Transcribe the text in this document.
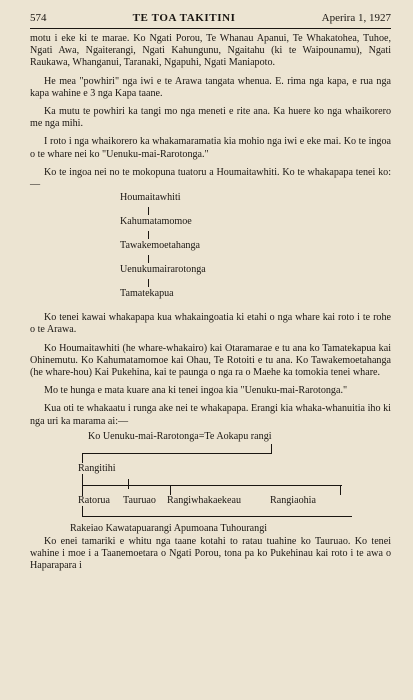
574	TE TOA TAKITINI	Aperira 1, 1927

motu i eke ki te marae. Ko Ngati Porou, Te Whanau Apanui, Te Whakatohea, Tuhoe, Ngati Awa, Ngaiterangi, Ngati Kahungunu, Ngaitahu (ki te Waipounamu), Ngati Raukawa, Whanganui, Taranaki, Ngapuhi, Ngati Maniapoto.

He mea "powhiri" nga iwi e te Arawa tangata whenua. E. rima nga kapa, e rua nga kapa wahine e 3 nga Kapa taane.

Ka mutu te powhiri ka tangi mo nga meneti e rite ana. Ka huere ko nga whaikorero me nga mihi.

I roto i nga whaikorero ka whakamaramatia kia mohio nga iwi e eke mai. Ko te ingoa o te whare nei ko "Uenuku-mai-Rarotonga."

Ko te ingoa nei no te mokopuna tuatoru a Houmaitawhiti. Ko te whakapapa tenei ko:—

Houmaitawhiti
Kahumatamomoe
Tawakemoetahanga
Uenukumairarotonga
Tamatekapua

Ko tenei kawai whakapapa kua whakaingoatia ki etahi o nga whare kai roto i te rohe o te Arawa.

Ko Houmaitawhiti (he whare-whakairo) kai Otaramarae e tu ana ko Tamatekapua kai Ohinemutu. Ko Kahumatamomoe kai Ohau, Te Rotoiti e tu ana. Ko Tawakemoetahanga (he whare-hou) Kai Pukehina, kai te paunga o nga ra o Maehe ka tomokia tenei whare.

Mo te hunga e mata kuare ana ki tenei ingoa kia "Uenuku-mai-Rarotonga."

Kua oti te whakaatu i runga ake nei te whakapapa. Erangi kia whaka-whanuitia iho ki nga uri ka marama ai:—

Ko Uenuku-mai-Rarotonga=Te Aokapu rangi
Rangitihi
Ratorua Tauruao Rangiwhakaekeau	Rangiaohia

Rakeiao Kawatapuarangi Apumoana Tuhourangi

Ko enei tamariki e whitu nga taane kotahi to ratau tuahine ko Tauruao. Ko tenei wahine i moe i a Taanemoetara o Ngati Porou, tona pa ko Pukehinau kai roto i te awa o Haparapara i
